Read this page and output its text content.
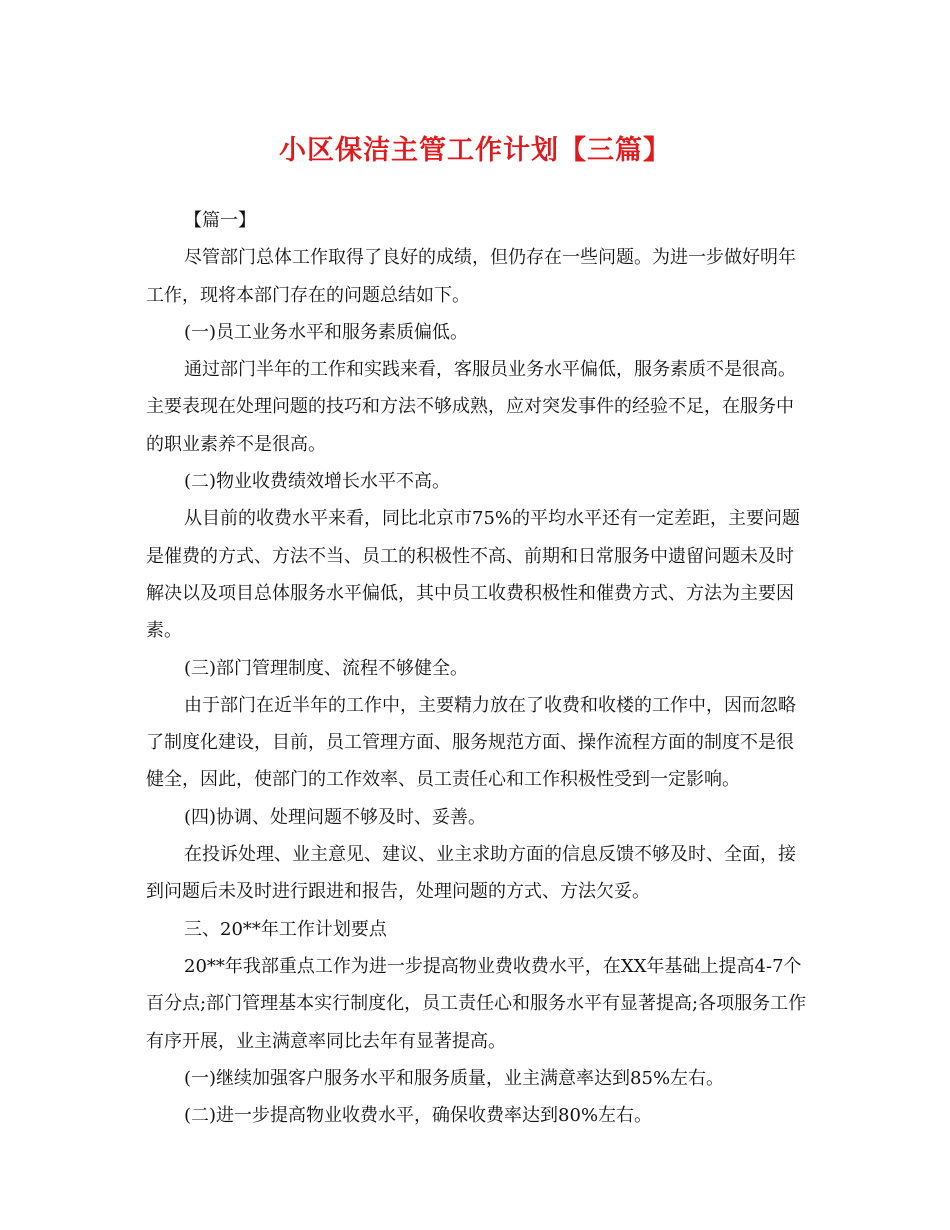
小区保洁主管工作计划【三篇】

【篇一】

尽管部门总体工作取得了良好的成绩，但仍存在一些问题。为进一步做好明年工作，现将本部门存在的问题总结如下。

(一)员工业务水平和服务素质偏低。

通过部门半年的工作和实践来看，客服员业务水平偏低，服务素质不是很高。主要表现在处理问题的技巧和方法不够成熟，应对突发事件的经验不足，在服务中的职业素养不是很高。

(二)物业收费绩效增长水平不高。

从目前的收费水平来看，同比北京市75%的平均水平还有一定差距，主要问题是催费的方式、方法不当、员工的积极性不高、前期和日常服务中遗留问题未及时解决以及项目总体服务水平偏低，其中员工收费积极性和催费方式、方法为主要因素。

(三)部门管理制度、流程不够健全。

由于部门在近半年的工作中，主要精力放在了收费和收楼的工作中，因而忽略了制度化建设，目前，员工管理方面、服务规范方面、操作流程方面的制度不是很健全，因此，使部门的工作效率、员工责任心和工作积极性受到一定影响。

(四)协调、处理问题不够及时、妥善。

在投诉处理、业主意见、建议、业主求助方面的信息反馈不够及时、全面，接到问题后未及时进行跟进和报告，处理问题的方式、方法欠妥。

三、20**年工作计划要点

20**年我部重点工作为进一步提高物业费收费水平，在XX年基础上提高4-7个百分点;部门管理基本实行制度化，员工责任心和服务水平有显著提高;各项服务工作有序开展，业主满意率同比去年有显著提高。

(一)继续加强客户服务水平和服务质量，业主满意率达到85%左右。

(二)进一步提高物业收费水平，确保收费率达到80%左右。
